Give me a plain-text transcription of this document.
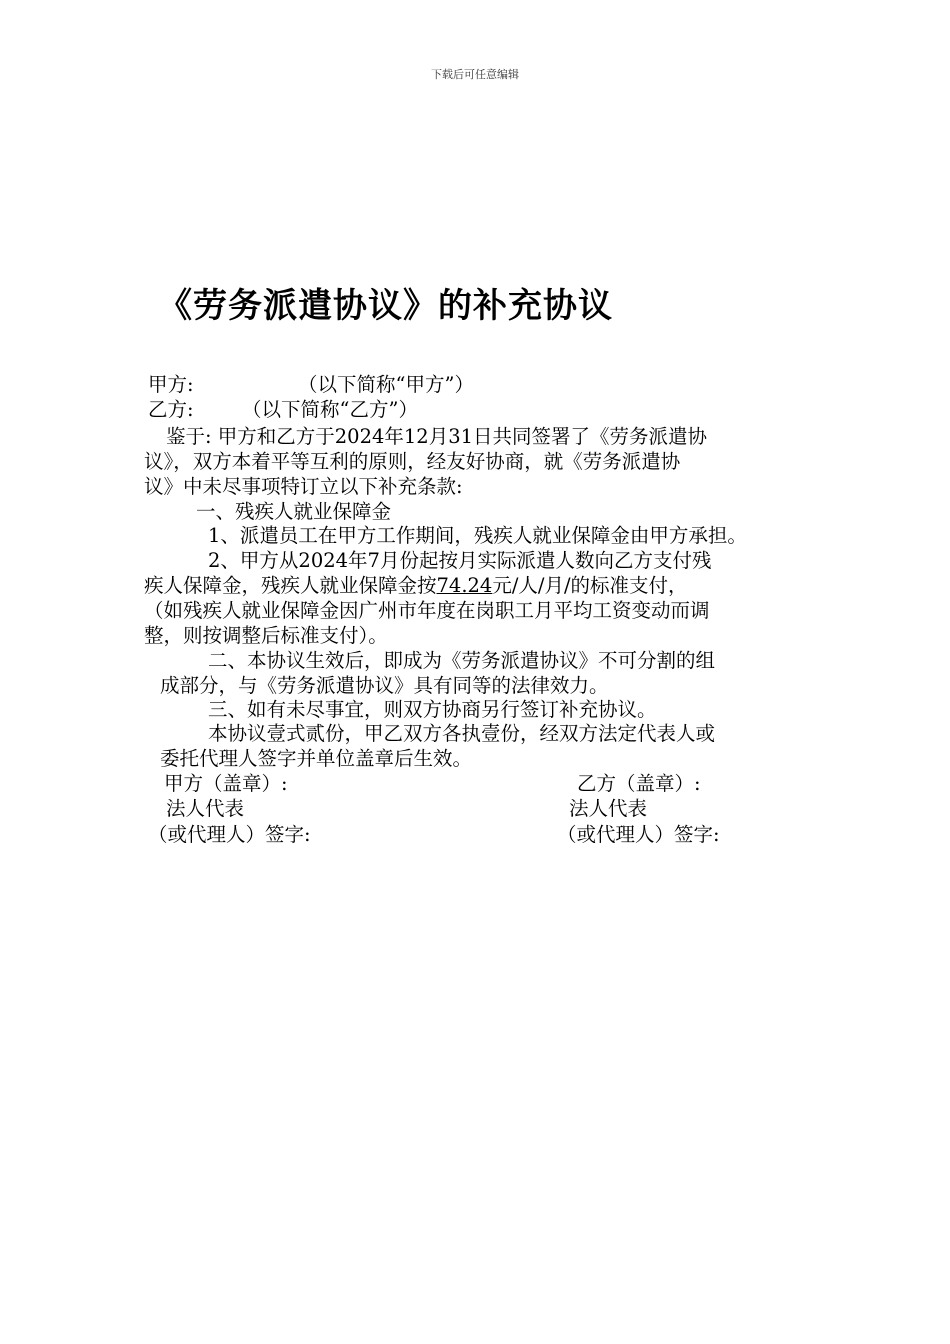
下载后可任意编辑
《劳务派遣协议》的补充协议
甲方:	（以下简称“甲方”）
乙方: （以下简称“乙方”）
鉴于: 甲方和乙方于2024年12月31日共同签署了《劳务派遣协
议》，双方本着平等互利的原则，经友好协商，就《劳务派遣协
议》中未尽事项特订立以下补充条款:
一、残疾人就业保障金
1、派遣员工在甲方工作期间，残疾人就业保障金由甲方承担。
2、甲方从2024年7月份起按月实际派遣人数向乙方支付残
疾人保障金，残疾人就业保障金按74.24元/人/月/的标准支付，
（如残疾人就业保障金因广州市年度在岗职工月平均工资变动而调
整，则按调整后标准支付）。
二、本协议生效后，即成为《劳务派遣协议》不可分割的组
成部分，与《劳务派遣协议》具有同等的法律效力。
三、如有未尽事宜，则双方协商另行签订补充协议。
本协议壹式贰份，甲乙双方各执壹份，经双方法定代表人或
委托代理人签字并单位盖章后生效。
甲方（盖章）:	乙方（盖章）:
法人代表	法人代表
（或代理人）签字:	（或代理人）签字:
